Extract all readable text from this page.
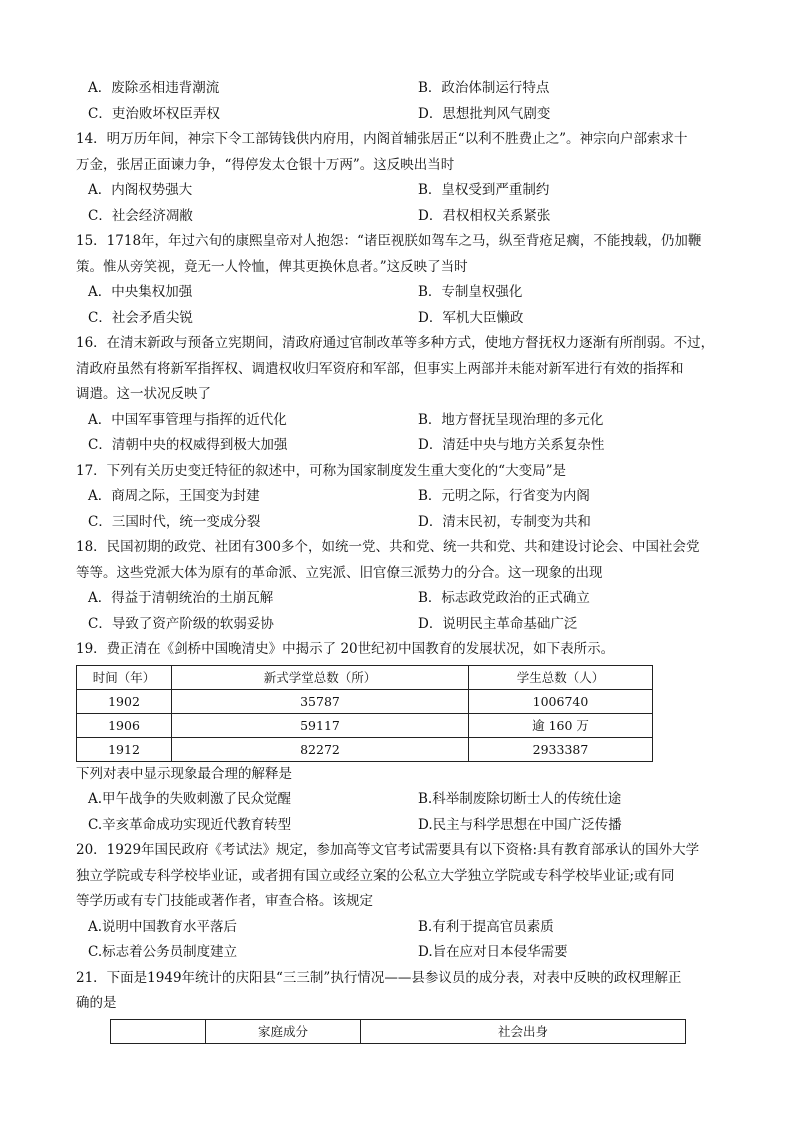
A．废除丞相违背潮流	B．政治体制运行特点
C．吏治败坏权臣弄权	D．思想批判风气剧变
14．明万历年间，神宗下令工部铸钱供内府用，内阁首辅张居正“以利不胜费止之”。神宗向户部索求十
万金，张居正面谏力争，“得停发太仓银十万两”。这反映出当时
A．内阁权势强大	B．皇权受到严重制约
C．社会经济凋敝	D．君权相权关系紧张
15．1718年，年过六旬的康熙皇帝对人抱怨：“诸臣视朕如驾车之马，纵至背疮足瘸，不能拽载，仍加鞭
策。惟从旁笑视，竟无一人怜恤，俾其更换休息者。”这反映了当时
A．中央集权加强	B．专制皇权强化
C．社会矛盾尖锐	D．军机大臣懒政
16．在清末新政与预备立宪期间，清政府通过官制改革等多种方式，使地方督抚权力逐渐有所削弱。不过，
清政府虽然有将新军指挥权、调遣权收归军资府和军部，但事实上两部并未能对新军进行有效的指挥和
调遣。这一状况反映了
A．中国军事管理与指挥的近代化	B．地方督抚呈现治理的多元化
C．清朝中央的权威得到极大加强	D．清廷中央与地方关系复杂性
17．下列有关历史变迁特征的叙述中，可称为国家制度发生重大变化的“大变局”是
A．商周之际，王国变为封建	B．元明之际，行省变为内阁
C．三国时代，统一变成分裂	D．清末民初，专制变为共和
18．民国初期的政党、社团有300多个，如统一党、共和党、统一共和党、共和建设讨论会、中国社会党
等等。这些党派大体为原有的革命派、立宪派、旧官僚三派势力的分合。这一现象的出现
A．得益于清朝统治的土崩瓦解	B．标志政党政治的正式确立
C．导致了资产阶级的软弱妥协	D．说明民主革命基础广泛
19．费正清在《剑桥中国晚清史》中揭示了 20世纪初中国教育的发展状况，如下表所示。
时间（年）	新式学堂总数（所）	学生总数（人）
1902	35787	1006740
1906	59117	逾 160 万
1912	82272	2933387
下列对表中显示现象最合理的解释是
A.甲午战争的失败刺激了民众觉醒	B.科举制废除切断士人的传统仕途
C.辛亥革命成功实现近代教育转型	D.民主与科学思想在中国广泛传播
20．1929年国民政府《考试法》规定，参加高等文官考试需要具有以下资格:具有教育部承认的国外大学
独立学院或专科学校毕业证，或者拥有国立或经立案的公私立大学独立学院或专科学校毕业证;或有同
等学历或有专门技能或著作者，审查合格。该规定
A.说明中国教育水平落后	B.有利于提高官员素质
C.标志着公务员制度建立	D.旨在应对日本侵华需要
21．下面是1949年统计的庆阳县“三三制”执行情况——县参议员的成分表，对表中反映的政权理解正
确的是
	家庭成分	社会出身
